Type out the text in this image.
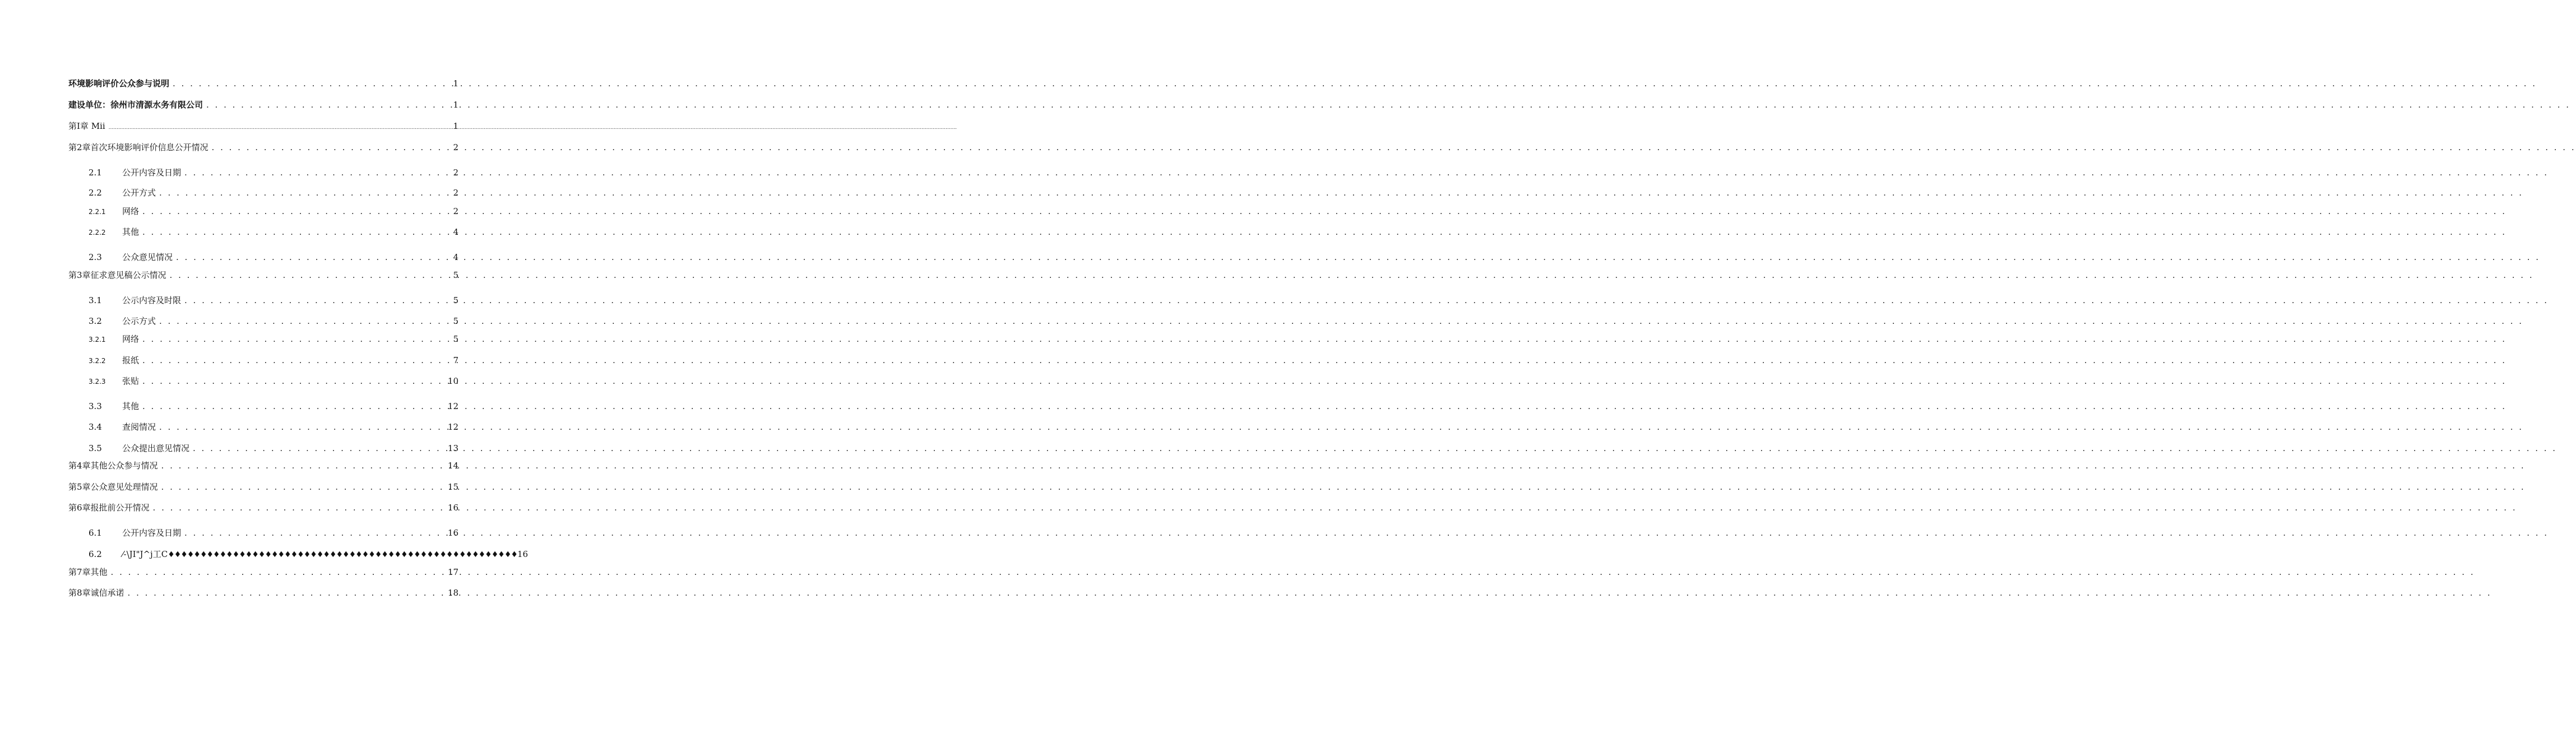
环境影响评价公众参与说明 . . .	1
建设单位：徐州市清源水务有限公司 . . .	1
第I章 Mii .....	1
第2章首次环境影响评价信息公开情况 . . .	2
2.1	公开内容及日期 . . .	2
2.2	公开方式 . . .	2
2.2.1	网络 . . .	2
2.2.2	其他 . . .	4
2.3	公众意见情况 . . .	4
第3章征求意见稿公示情况 . . .	5
3.1	公示内容及时限 . . .	5
3.2	公示方式 . . .	5
3.2.1	网络 . . .	5
3.2.2	报纸 . . .	7
3.2.3	张贴 . . .	10
3.3	其他 . . .	12
3.4	查阅情况 . . .	12
3.5	公众提出意见情况 . . .	13
第4章其他公众参与情况 . . .	14
第5章公众意见处理情况 . . .	15
第6章报批前公开情况 . . .	16
6.1	公开内容及日期 . . .	16
6.2	⁄-\JI"J^j工C ♦♦♦♦♦♦♦♦♦♦♦♦♦♦♦♦♦♦♦♦♦♦♦♦♦♦♦♦♦♦♦♦♦♦♦♦♦♦♦♦♦♦♦♦♦♦♦♦♦♦♦♦♦♦ 16
第7章其他 . . .	17
第8章诚信承诺 . . .	18
